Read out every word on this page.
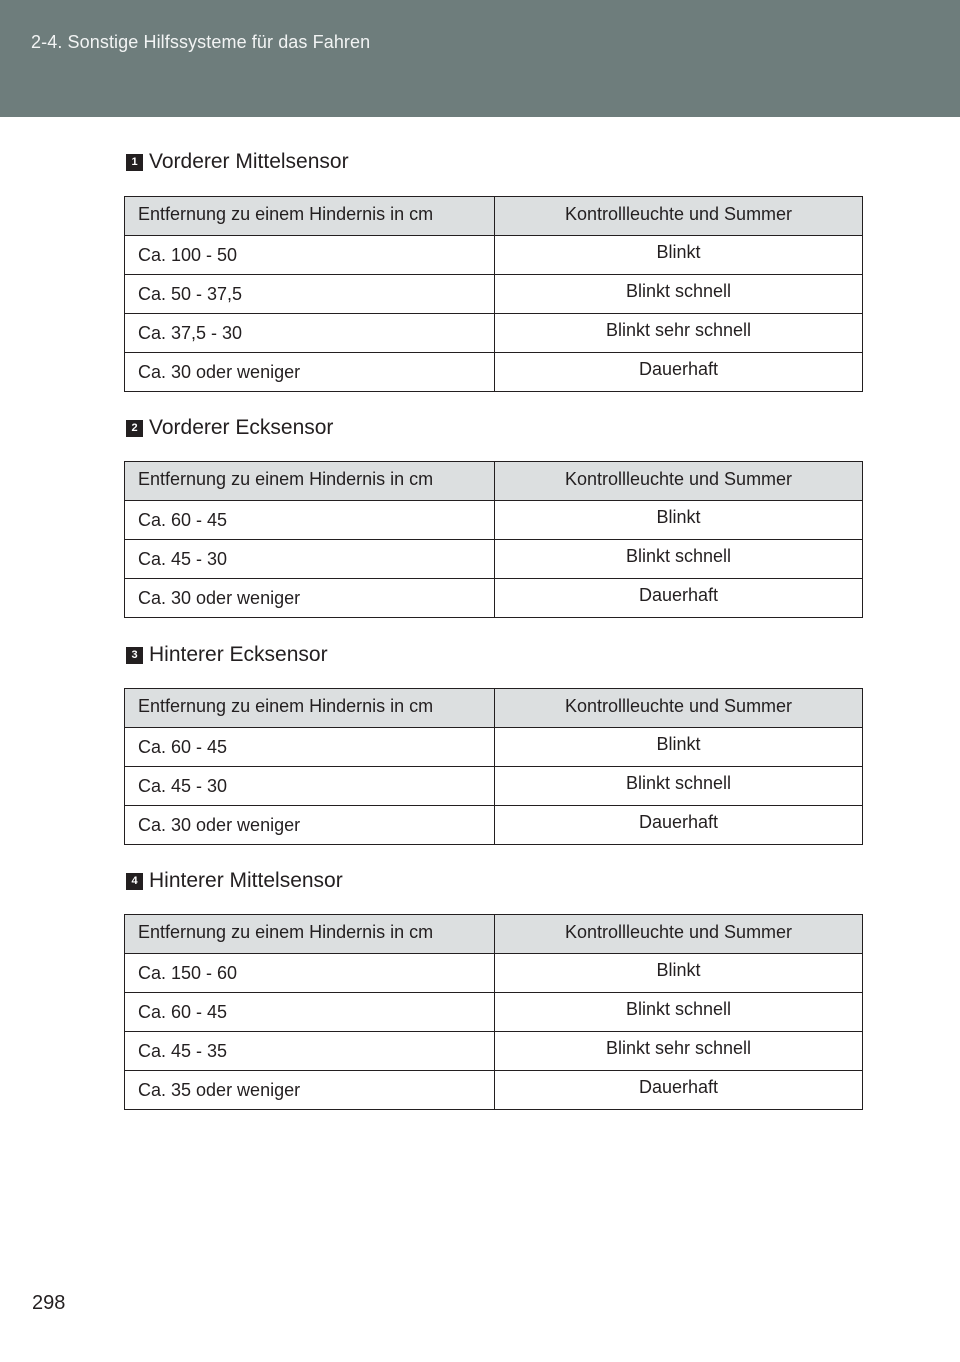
2-4. Sonstige Hilfssysteme für das Fahren
1 Vorderer Mittelsensor
Entfernung zu einem Hindernis in cm	Kontrollleuchte und Summer

Ca. 100 - 50	Blinkt

Ca. 50 - 37,5	Blinkt schnell

Ca. 37,5 - 30	Blinkt sehr schnell

Ca. 30 oder weniger	Dauerhaft
2 Vorderer Ecksensor
Entfernung zu einem Hindernis in cm	Kontrollleuchte und Summer

Ca. 60 - 45	Blinkt

Ca. 45 - 30	Blinkt schnell

Ca. 30 oder weniger	Dauerhaft
3 Hinterer Ecksensor
Entfernung zu einem Hindernis in cm	Kontrollleuchte und Summer

Ca. 60 - 45	Blinkt

Ca. 45 - 30	Blinkt schnell

Ca. 30 oder weniger	Dauerhaft
4 Hinterer Mittelsensor
Entfernung zu einem Hindernis in cm	Kontrollleuchte und Summer

Ca. 150 - 60	Blinkt

Ca. 60 - 45	Blinkt schnell

Ca. 45 - 35	Blinkt sehr schnell

Ca. 35 oder weniger	Dauerhaft
298
